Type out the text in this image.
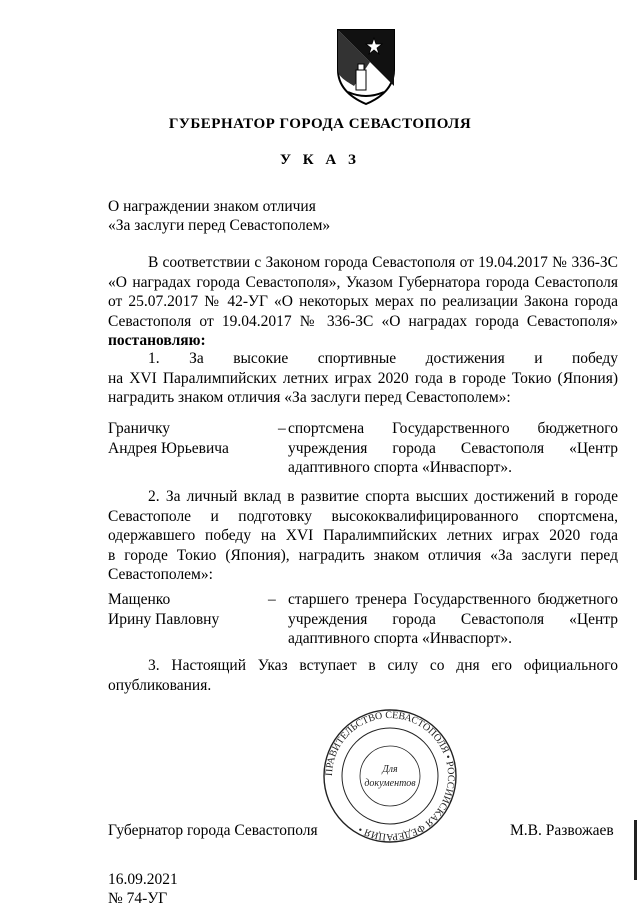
ГУБЕРНАТОР ГОРОДА СЕВАСТОПОЛЯ
У К А З
О награждении знаком отличия
«За заслуги перед Севастополем»
В соответствии с Законом города Севастополя от 19.04.2017 № 336-ЗС
«О наградах города Севастополя», Указом Губернатора города Севастополя
от 25.07.2017 № 42-УГ «О некоторых мерах по реализации Закона города
Севастополя от 19.04.2017 № 336-ЗС «О наградах города Севастополя»
постановляю:
1. За высокие спортивные достижения и победу
на XVI Паралимпийских летних играх 2020 года в городе Токио (Япония)
наградить знаком отличия «За заслуги перед Севастополем»:
Граничку
Андрея Юрьевича
– спортсмена Государственного бюджетного
учреждения города Севастополя «Центр
адаптивного спорта «Инваспорт».
2. За личный вклад в развитие спорта высших достижений в городе
Севастополе и подготовку высококвалифицированного спортсмена,
одержавшего победу на XVI Паралимпийских летних играх 2020 года
в городе Токио (Япония), наградить знаком отличия «За заслуги перед
Севастополем»:
Мащенко
Ирину Павловну
– старшего тренера Государственного бюджетного
учреждения города Севастополя «Центр
адаптивного спорта «Инваспорт».
3. Настоящий Указ вступает в силу со дня его официального
опубликования.
ПРАВИТЕЛЬСТВО СЕВАСТОПОЛЯ • РОССИЙСКАЯ ФЕДЕРАЦИЯ •
Для
документов
Губернатор города Севастополя	М.В. Развожаев
16.09.2021
№ 74-УГ
